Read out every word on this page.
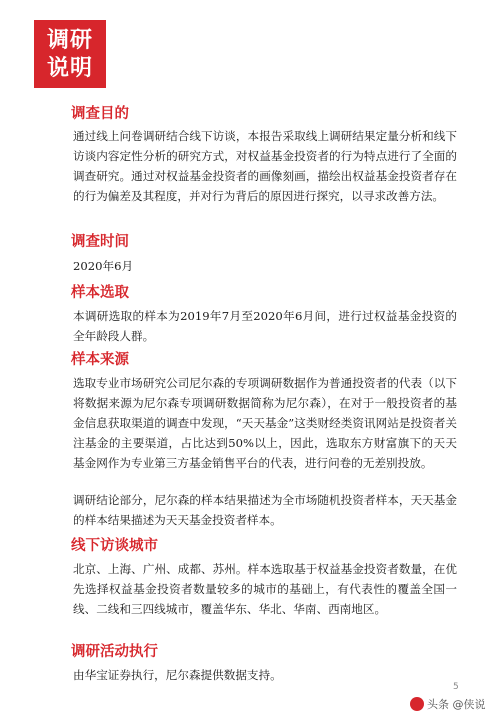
调研
说明
调查目的
通过线上问卷调研结合线下访谈，本报告采取线上调研结果定量分析和线下访谈内容定性分析的研究方式，对权益基金投资者的行为特点进行了全面的调查研究。通过对权益基金投资者的画像刻画，描绘出权益基金投资者存在的行为偏差及其程度，并对行为背后的原因进行探究，以寻求改善方法。
调查时间
2020年6月
样本选取
本调研选取的样本为2019年7月至2020年6月间，进行过权益基金投资的全年龄段人群。
样本来源
选取专业市场研究公司尼尔森的专项调研数据作为普通投资者的代表（以下将数据来源为尼尔森专项调研数据简称为尼尔森），在对于一般投资者的基金信息获取渠道的调查中发现，“天天基金”这类财经类资讯网站是投资者关注基金的主要渠道，占比达到50%以上，因此，选取东方财富旗下的天天基金网作为专业第三方基金销售平台的代表，进行问卷的无差别投放。
调研结论部分，尼尔森的样本结果描述为全市场随机投资者样本，天天基金的样本结果描述为天天基金投资者样本。
线下访谈城市
北京、上海、广州、成都、苏州。样本选取基于权益基金投资者数量，在优先选择权益基金投资者数量较多的城市的基础上，有代表性的覆盖全国一线、二线和三四线城市，覆盖华东、华北、华南、西南地区。
调研活动执行
由华宝证券执行，尼尔森提供数据支持。
5
头条 @侠说
